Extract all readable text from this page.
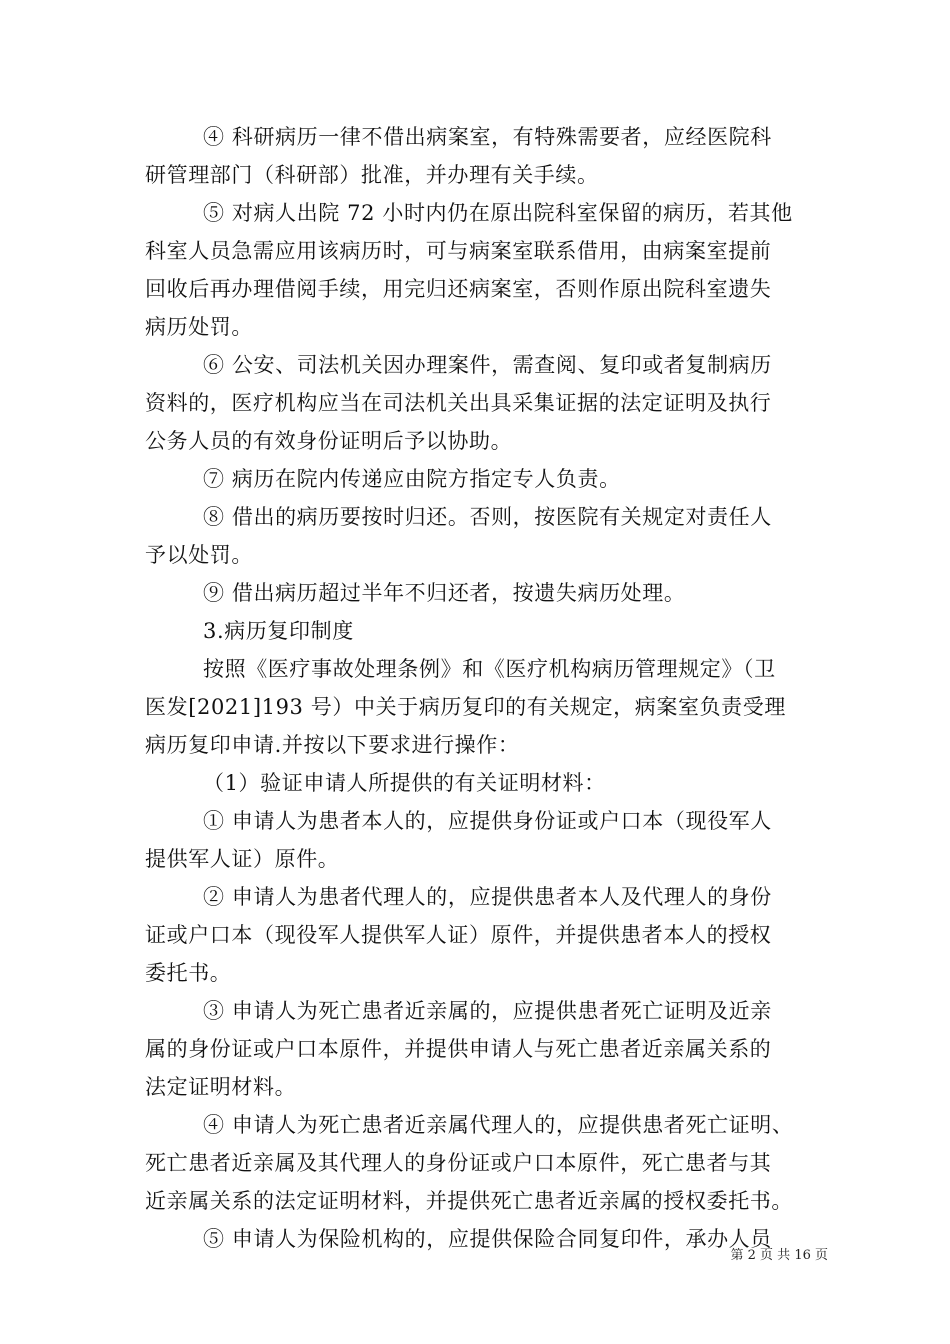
④ 科研病历一律不借出病案室，有特殊需要者，应经医院科
研管理部门（科研部）批准，并办理有关手续。
⑤ 对病人出院 72 小时内仍在原出院科室保留的病历，若其他
科室人员急需应用该病历时，可与病案室联系借用，由病案室提前
回收后再办理借阅手续，用完归还病案室，否则作原出院科室遗失
病历处罚。
⑥ 公安、司法机关因办理案件，需查阅、复印或者复制病历
资料的，医疗机构应当在司法机关出具采集证据的法定证明及执行
公务人员的有效身份证明后予以协助。
⑦ 病历在院内传递应由院方指定专人负责。
⑧ 借出的病历要按时归还。否则，按医院有关规定对责任人
予以处罚。
⑨ 借出病历超过半年不归还者，按遗失病历处理。
3.病历复印制度
按照《医疗事故处理条例》和《医疗机构病历管理规定》（卫
医发[2021]193 号）中关于病历复印的有关规定，病案室负责受理
病历复印申请.并按以下要求进行操作：
（1）验证申请人所提供的有关证明材料：
① 申请人为患者本人的，应提供身份证或户口本（现役军人
提供军人证）原件。
② 申请人为患者代理人的，应提供患者本人及代理人的身份
证或户口本（现役军人提供军人证）原件，并提供患者本人的授权
委托书。
③ 申请人为死亡患者近亲属的，应提供患者死亡证明及近亲
属的身份证或户口本原件，并提供申请人与死亡患者近亲属关系的
法定证明材料。
④ 申请人为死亡患者近亲属代理人的，应提供患者死亡证明、
死亡患者近亲属及其代理人的身份证或户口本原件，死亡患者与其
近亲属关系的法定证明材料，并提供死亡患者近亲属的授权委托书。
⑤ 申请人为保险机构的，应提供保险合同复印件，承办人员
第 2 页 共 16 页
